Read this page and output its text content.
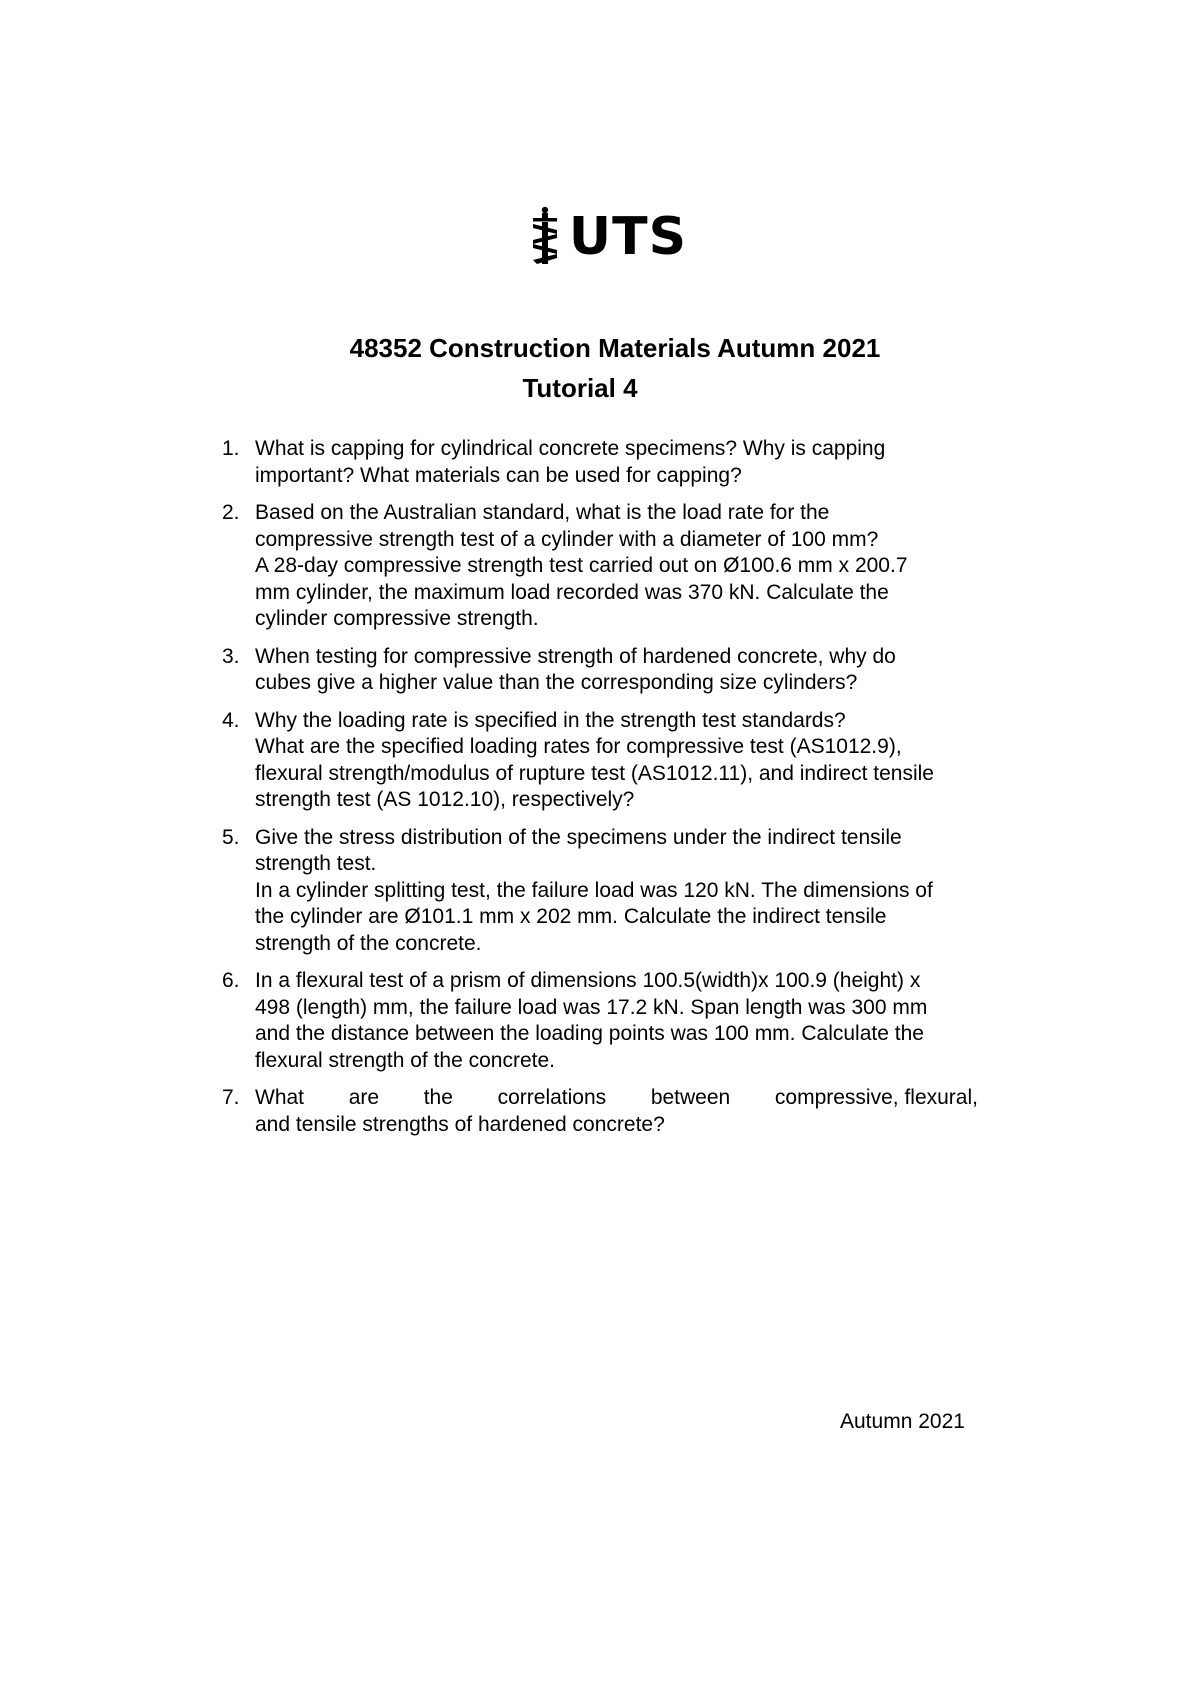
UTS
48352 Construction Materials Autumn 2021
Tutorial 4
1. What is capping for cylindrical concrete specimens? Why is capping
important? What materials can be used for capping?
2. Based on the Australian standard, what is the load rate for the
compressive strength test of a cylinder with a diameter of 100 mm?
A 28-day compressive strength test carried out on Ø100.6 mm x 200.7
mm cylinder, the maximum load recorded was 370 kN. Calculate the
cylinder compressive strength.
3. When testing for compressive strength of hardened concrete, why do
cubes give a higher value than the corresponding size cylinders?
4. Why the loading rate is specified in the strength test standards?
What are the specified loading rates for compressive test (AS1012.9),
flexural strength/modulus of rupture test (AS1012.11), and indirect tensile
strength test (AS 1012.10), respectively?
5. Give the stress distribution of the specimens under the indirect tensile
strength test.
In a cylinder splitting test, the failure load was 120 kN. The dimensions of
the cylinder are Ø101.1 mm x 202 mm. Calculate the indirect tensile
strength of the concrete.
6. In a flexural test of a prism of dimensions 100.5(width)x 100.9 (height) x
498 (length) mm, the failure load was 17.2 kN. Span length was 300 mm
and the distance between the loading points was 100 mm. Calculate the
flexural strength of the concrete.
7. What are the correlations between compressive, flexural,
and tensile strengths of hardened concrete?
Autumn 2021
